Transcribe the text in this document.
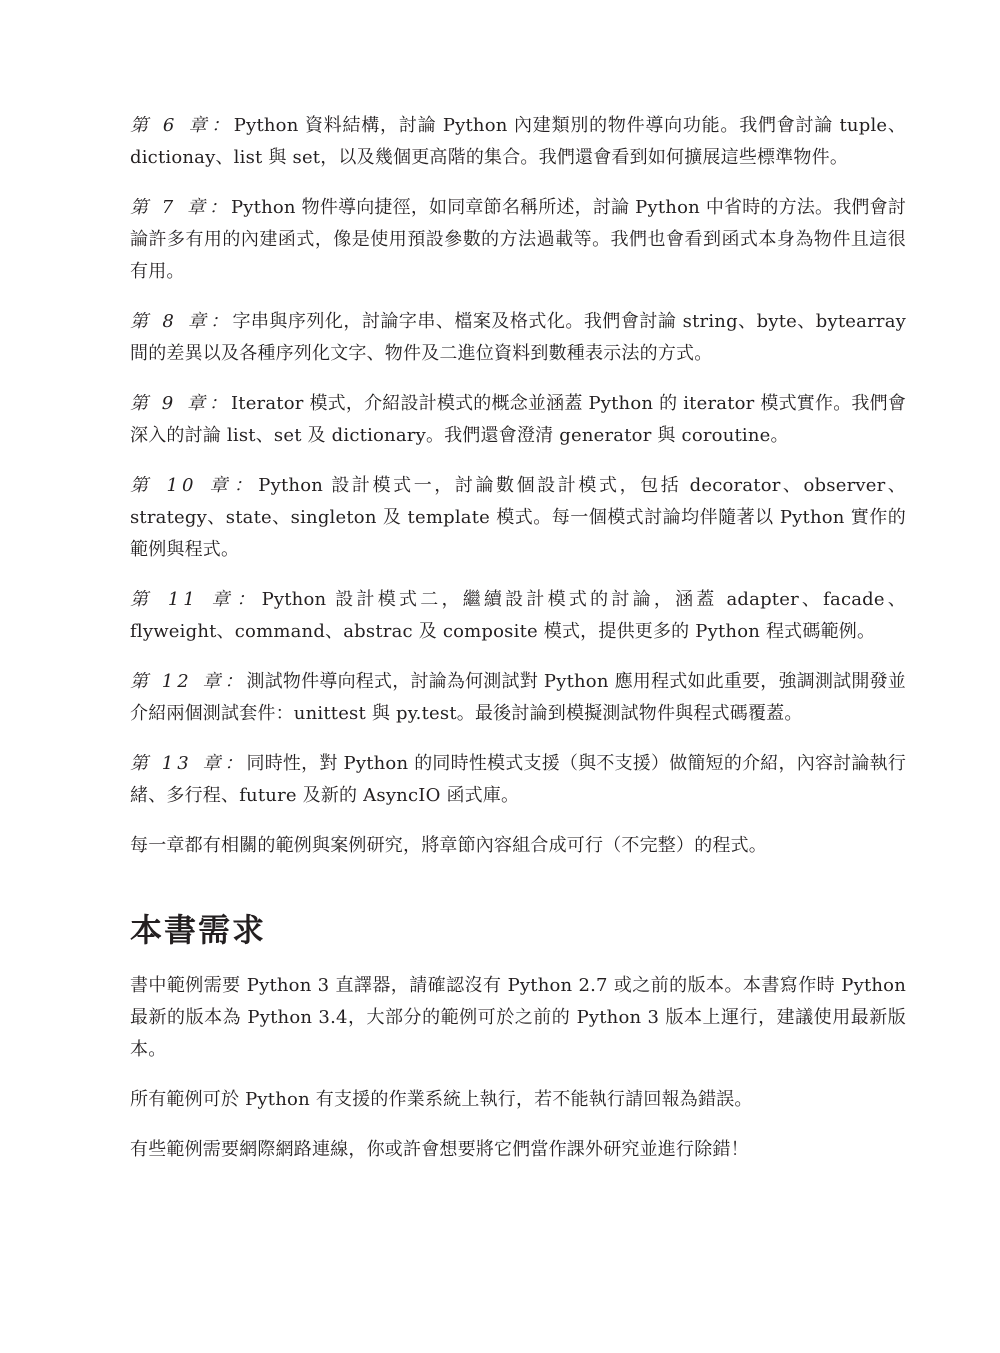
第 6 章：Python 資料結構，討論 Python 內建類別的物件導向功能。我們會討論 tuple、dictionay、list 與 set，以及幾個更高階的集合。我們還會看到如何擴展這些標準物件。

第 7 章：Python 物件導向捷徑，如同章節名稱所述，討論 Python 中省時的方法。我們會討論許多有用的內建函式，像是使用預設參數的方法過載等。我們也會看到函式本身為物件且這很有用。

第 8 章：字串與序列化，討論字串、檔案及格式化。我們會討論 string、byte、bytearray 間的差異以及各種序列化文字、物件及二進位資料到數種表示法的方式。

第 9 章：Iterator 模式，介紹設計模式的概念並涵蓋 Python 的 iterator 模式實作。我們會深入的討論 list、set 及 dictionary。我們還會澄清 generator 與 coroutine。

第 10 章：Python 設計模式一，討論數個設計模式，包括 decorator、observer、strategy、state、singleton 及 template 模式。每一個模式討論均伴隨著以 Python 實作的範例與程式。

第 11 章：Python 設計模式二，繼續設計模式的討論，涵蓋 adapter、facade、flyweight、command、abstrac 及 composite 模式，提供更多的 Python 程式碼範例。

第 12 章：測試物件導向程式，討論為何測試對 Python 應用程式如此重要，強調測試開發並介紹兩個測試套件：unittest 與 py.test。最後討論到模擬測試物件與程式碼覆蓋。

第 13 章：同時性，對 Python 的同時性模式支援（與不支援）做簡短的介紹，內容討論執行緒、多行程、future 及新的 AsyncIO 函式庫。

每一章都有相關的範例與案例研究，將章節內容組合成可行（不完整）的程式。

本書需求

書中範例需要 Python 3 直譯器，請確認沒有 Python 2.7 或之前的版本。本書寫作時 Python 最新的版本為 Python 3.4，大部分的範例可於之前的 Python 3 版本上運行，建議使用最新版本。

所有範例可於 Python 有支援的作業系統上執行，若不能執行請回報為錯誤。

有些範例需要網際網路連線，你或許會想要將它們當作課外研究並進行除錯！
